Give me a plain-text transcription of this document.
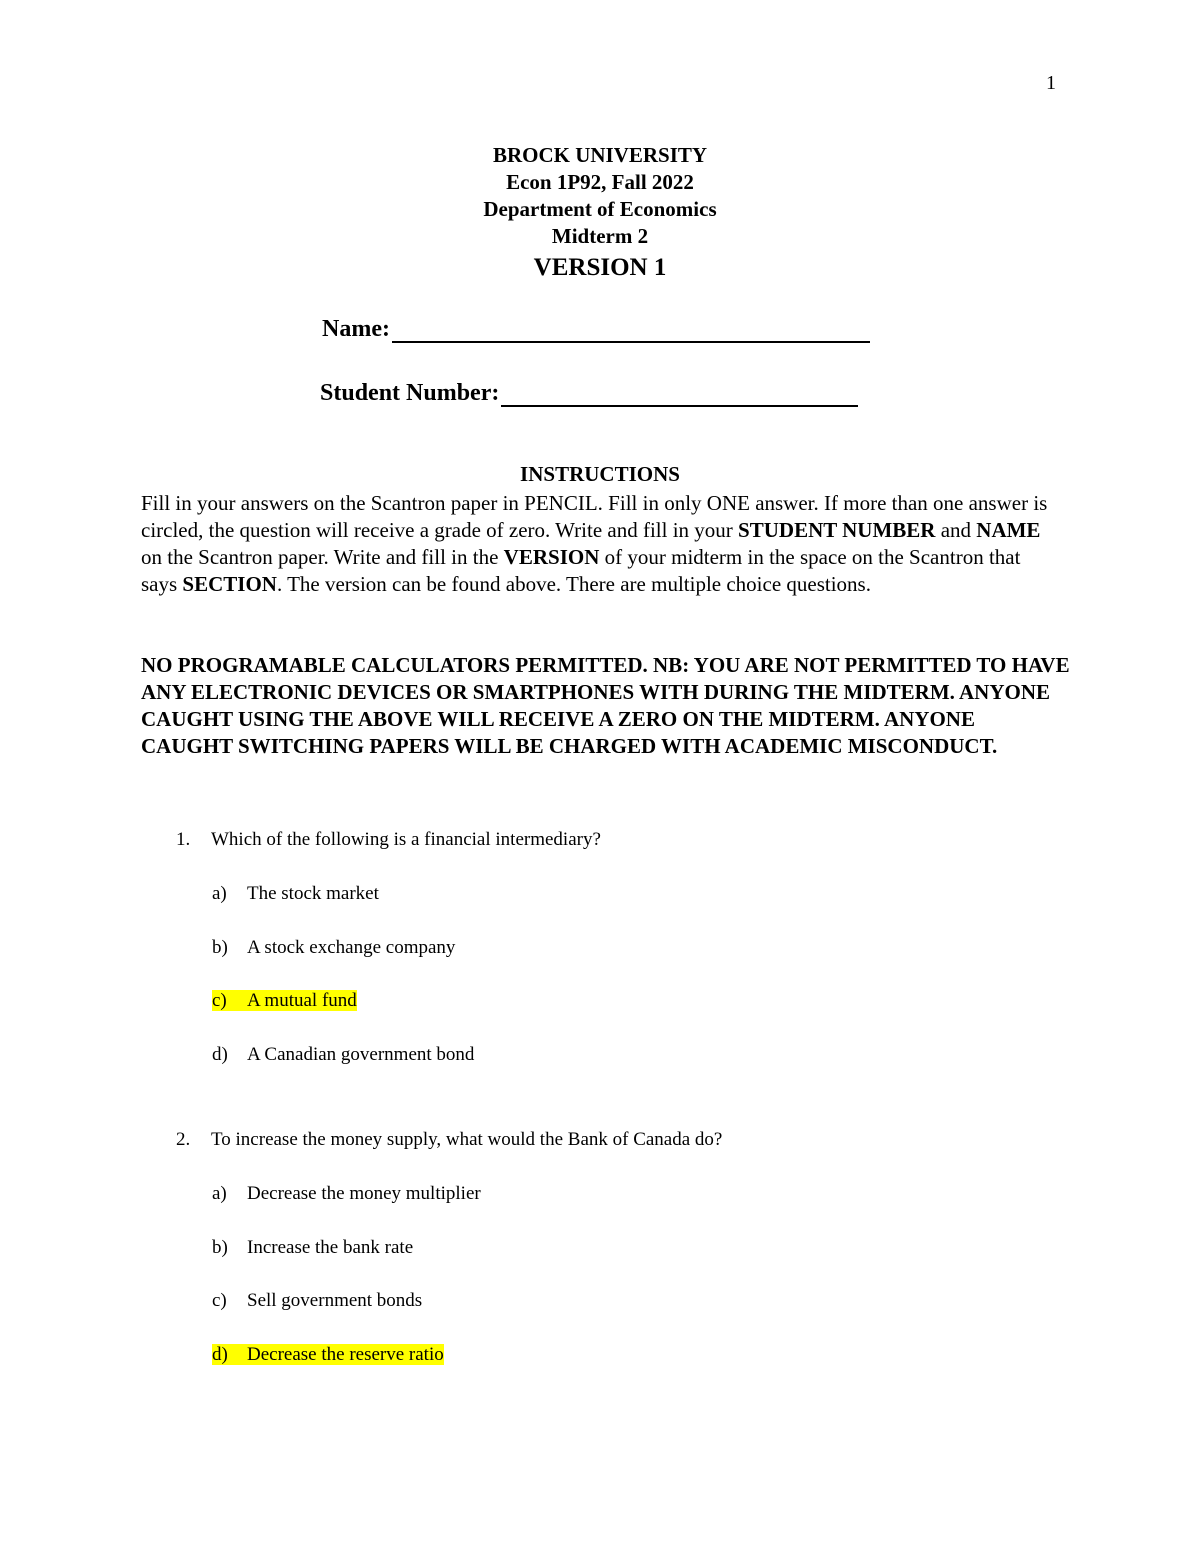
1
BROCK UNIVERSITY
Econ 1P92, Fall 2022
Department of Economics
Midterm 2
VERSION 1
Name:
Student Number:
INSTRUCTIONS
Fill in your answers on the Scantron paper in PENCIL. Fill in only ONE answer. If more than one answer is circled, the question will receive a grade of zero. Write and fill in your STUDENT NUMBER and NAME on the Scantron paper. Write and fill in the VERSION of your midterm in the space on the Scantron that says SECTION. The version can be found above. There are multiple choice questions.
NO PROGRAMABLE CALCULATORS PERMITTED. NB: YOU ARE NOT PERMITTED TO HAVE ANY ELECTRONIC DEVICES OR SMARTPHONES WITH DURING THE MIDTERM. ANYONE CAUGHT USING THE ABOVE WILL RECEIVE A ZERO ON THE MIDTERM. ANYONE CAUGHT SWITCHING PAPERS WILL BE CHARGED WITH ACADEMIC MISCONDUCT.
1. Which of the following is a financial intermediary?
a) The stock market
b) A stock exchange company
c) A mutual fund
d) A Canadian government bond
2. To increase the money supply, what would the Bank of Canada do?
a) Decrease the money multiplier
b) Increase the bank rate
c) Sell government bonds
d) Decrease the reserve ratio
